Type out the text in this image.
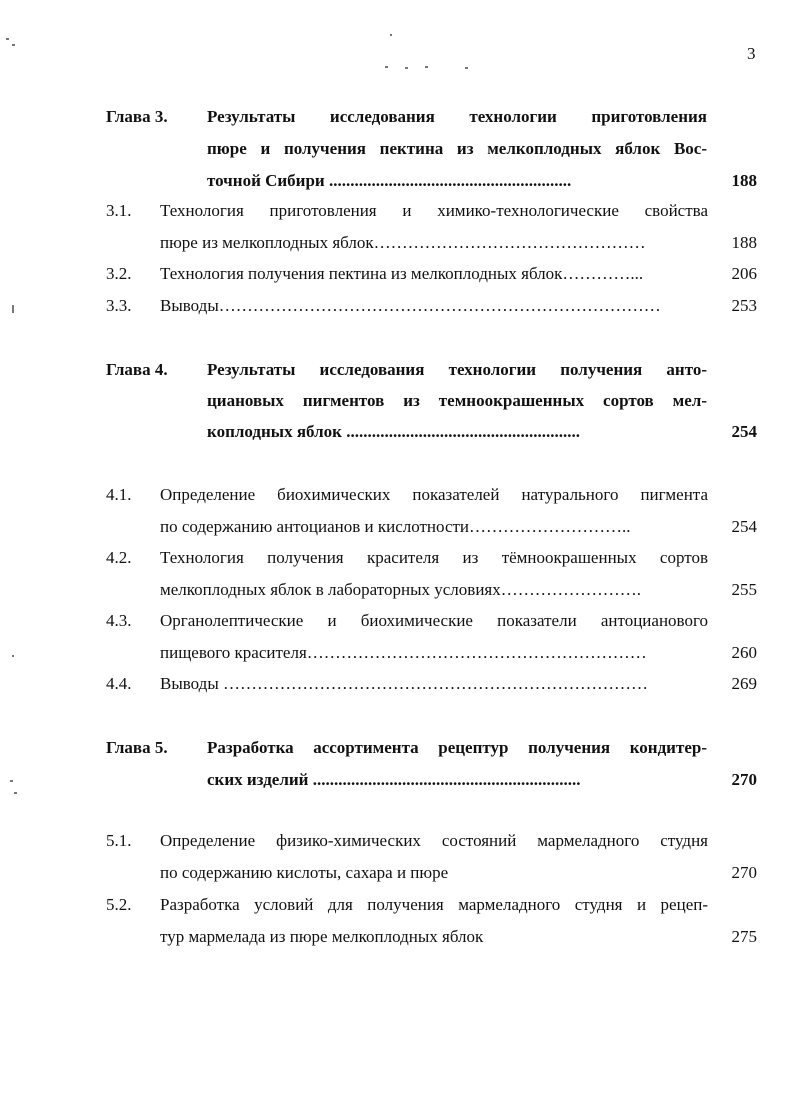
3
Глава 3. Результаты исследования технологии приготовления
пюре и получения пектина из мелкоплодных яблок Вос-
точной Сибири .........................................................	188
3.1. Технология приготовления и химико-технологические свойства
пюре из мелкоплодных яблок…………………………………………	188
3.2. Технология получения пектина из мелкоплодных яблок…………...	206
3.3. Выводы……………………………………………………………………	253
Глава 4. Результаты исследования технологии получения анто-
циановых пигментов из темноокрашенных сортов мел-
коплодных яблок .......................................................	254
4.1. Определение биохимических показателей натурального пигмента
по содержанию антоцианов и кислотности………………………..	254
4.2. Технология получения красителя из тёмноокрашенных сортов
мелкоплодных яблок в лабораторных условиях…………………….	255
4.3. Органолептические и биохимические показатели антоцианового
пищевого красителя……………………………………………………	260
4.4. Выводы …………………………………………………………………	269
Глава 5. Разработка ассортимента рецептур получения кондитер-
ских изделий ...............................................................	270
5.1. Определение физико-химических состояний мармеладного студня
по содержанию кислоты, сахара и пюре	270
5.2. Разработка условий для получения мармеладного студня и рецеп-
тур мармелада из пюре мелкоплодных яблок	275
